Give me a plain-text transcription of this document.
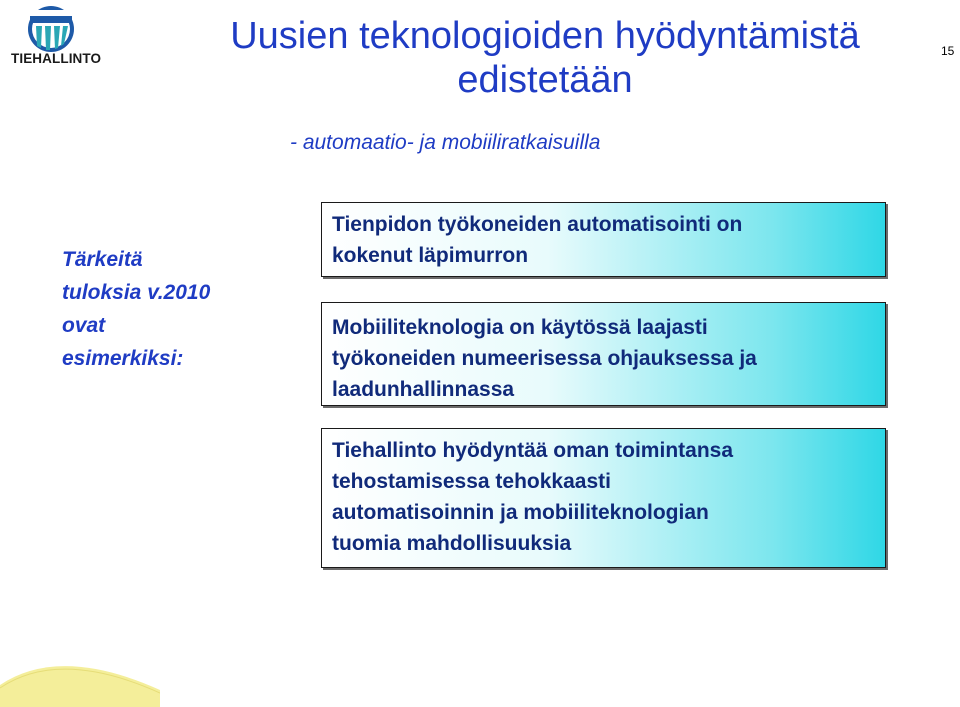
TIEHALLINTO
Uusien teknologioiden hyödyntämistä
edistetään
15
- automaatio- ja mobiiliratkaisuilla
Tärkeitä
tuloksia v.2010
ovat
esimerkiksi:
Tienpidon työkoneiden automatisointi on
kokenut läpimurron
Mobiiliteknologia on käytössä laajasti
työkoneiden numeerisessa ohjauksessa ja
laadunhallinnassa
Tiehallinto hyödyntää oman toimintansa
tehostamisessa tehokkaasti
automatisoinnin ja mobiiliteknologian
tuomia mahdollisuuksia
